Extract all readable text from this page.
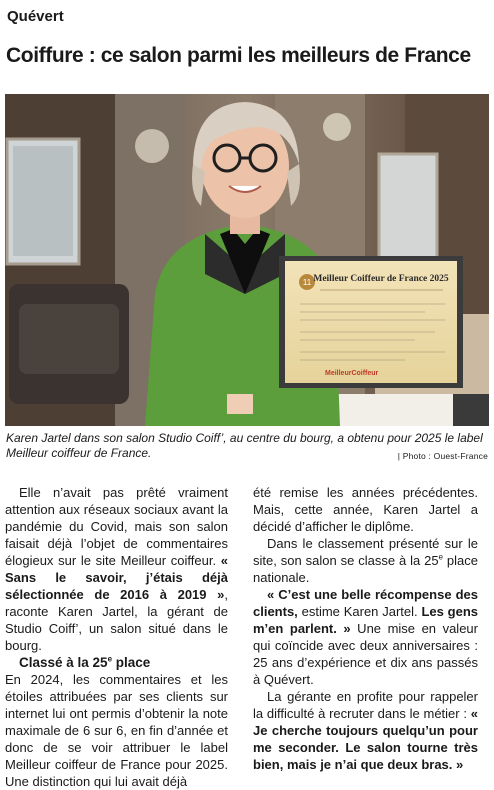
Quévert
Coiffure : ce salon parmi les meilleurs de France
11 Meilleur Coiffeur de France 2025
MeilleurCoiffeur
Karen Jartel dans son salon Studio Coiff’, au centre du bourg, a obtenu pour 2025 le label Meilleur coiffeur de France.	| Photo : Ouest-France

Elle n’avait pas prêté vraiment attention aux réseaux sociaux avant la pandémie du Covid, mais son salon faisait déjà l’objet de commentaires élogieux sur le site Meilleur coiffeur. « Sans le savoir, j’étais déjà sélectionnée de 2016 à 2019 », raconte Karen Jartel, la gérant de Studio Coiff’, un salon situé dans le bourg.

Classé à la 25e place

En 2024, les commentaires et les étoiles attribuées par ses clients sur internet lui ont permis d’obtenir la note maximale de 6 sur 6, en fin d’année et donc de se voir attribuer le label Meilleur coiffeur de France pour 2025. Une distinction qui lui avait déjà

été remise les années précédentes. Mais, cette année, Karen Jartel a décidé d’afficher le diplôme.

Dans le classement présenté sur le site, son salon se classe à la 25e place nationale.

« C’est une belle récompense des clients, estime Karen Jartel. Les gens m’en parlent. » Une mise en valeur qui coïncide avec deux anniversaires : 25 ans d’expérience et dix ans passés à Quévert.

La gérante en profite pour rappeler la difficulté à recruter dans le métier : « Je cherche toujours quelqu’un pour me seconder. Le salon tourne très bien, mais je n’ai que deux bras. »
